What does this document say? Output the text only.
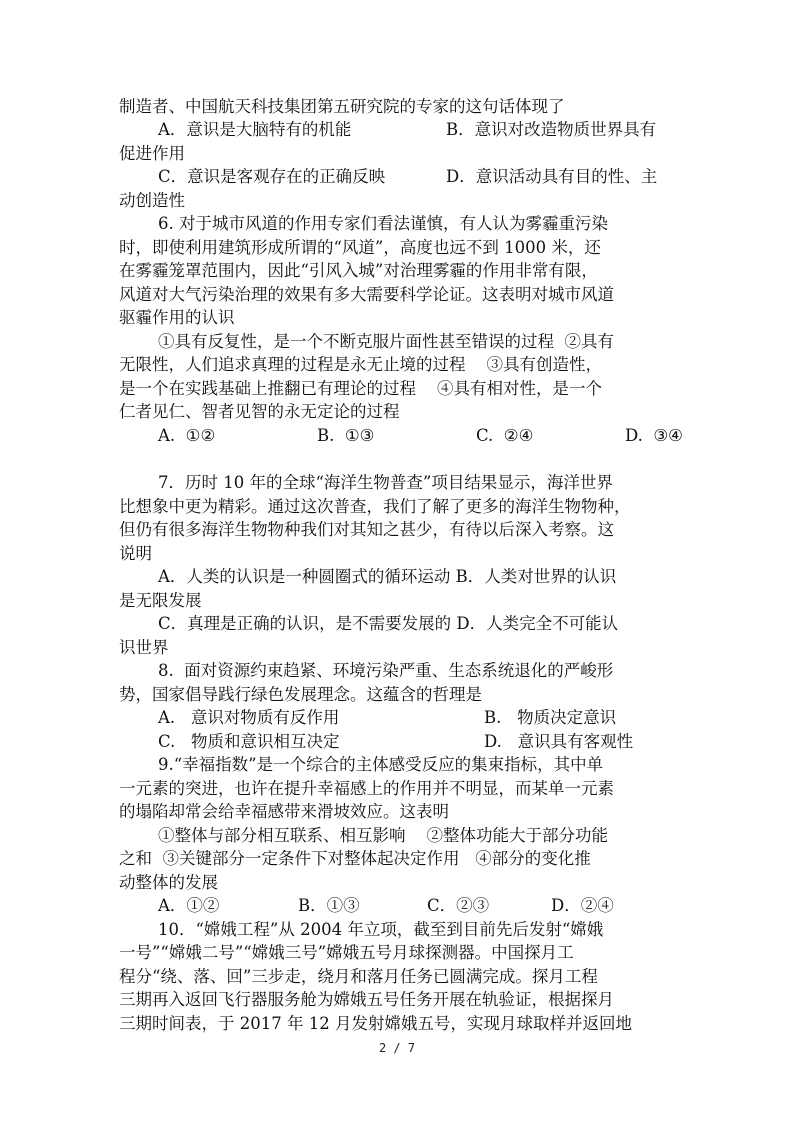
制造者、中国航天科技集团第五研究院的专家的这句话体现了
A．意识是大脑特有的机能	B．意识对改造物质世界具有
促进作用
C．意识是客观存在的正确反映	D．意识活动具有目的性、主
动创造性
6. 对于城市风道的作用专家们看法谨慎，有人认为雾霾重污染
时，即使利用建筑形成所谓的“风道”，高度也远不到 1000 米，还
在雾霾笼罩范围内，因此“引风入城”对治理雾霾的作用非常有限，
风道对大气污染治理的效果有多大需要科学论证。这表明对城市风道
驱霾作用的认识
①具有反复性，是一个不断克服片面性甚至错误的过程  ②具有
无限性，人们追求真理的过程是永无止境的过程    ③具有创造性，
是一个在实践基础上推翻已有理论的过程    ④具有相对性，是一个
仁者见仁、智者见智的永无定论的过程
A.  ①②	B.  ①③	C.  ②④	D.  ③④
7．历时 10 年的全球“海洋生物普查”项目结果显示，海洋世界
比想象中更为精彩。通过这次普查，我们了解了更多的海洋生物物种，
但仍有很多海洋生物物种我们对其知之甚少，有待以后深入考察。这
说明
A．人类的认识是一种圆圈式的循环运动 B．人类对世界的认识
是无限发展
C．真理是正确的认识，是不需要发展的 D．人类完全不可能认
识世界
8.  面对资源约束趋紧、环境污染严重、生态系统退化的严峻形
势，国家倡导践行绿色发展理念。这蕴含的哲理是
A.   意识对物质有反作用	B.   物质决定意识
C.   物质和意识相互决定	D.   意识具有客观性
9.“幸福指数”是一个综合的主体感受反应的集束指标，其中单
一元素的突进，也许在提升幸福感上的作用并不明显，而某单一元素
的塌陷却常会给幸福感带来滑坡效应。这表明
①整体与部分相互联系、相互影响    ②整体功能大于部分功能
之和  ③关键部分一定条件下对整体起决定作用   ④部分的变化推
动整体的发展
A．①②	B．①③	C．②③	D．②④
10．“嫦娥工程”从 2004 年立项，截至到目前先后发射“嫦娥
一号”“嫦娥二号”“嫦娥三号”嫦娥五号月球探测器。中国探月工
程分“绕、落、回”三步走，绕月和落月任务已圆满完成。探月工程
三期再入返回飞行器服务舱为嫦娥五号任务开展在轨验证，根据探月
三期时间表，于 2017 年 12 月发射嫦娥五号，实现月球取样并返回地
2 / 7
